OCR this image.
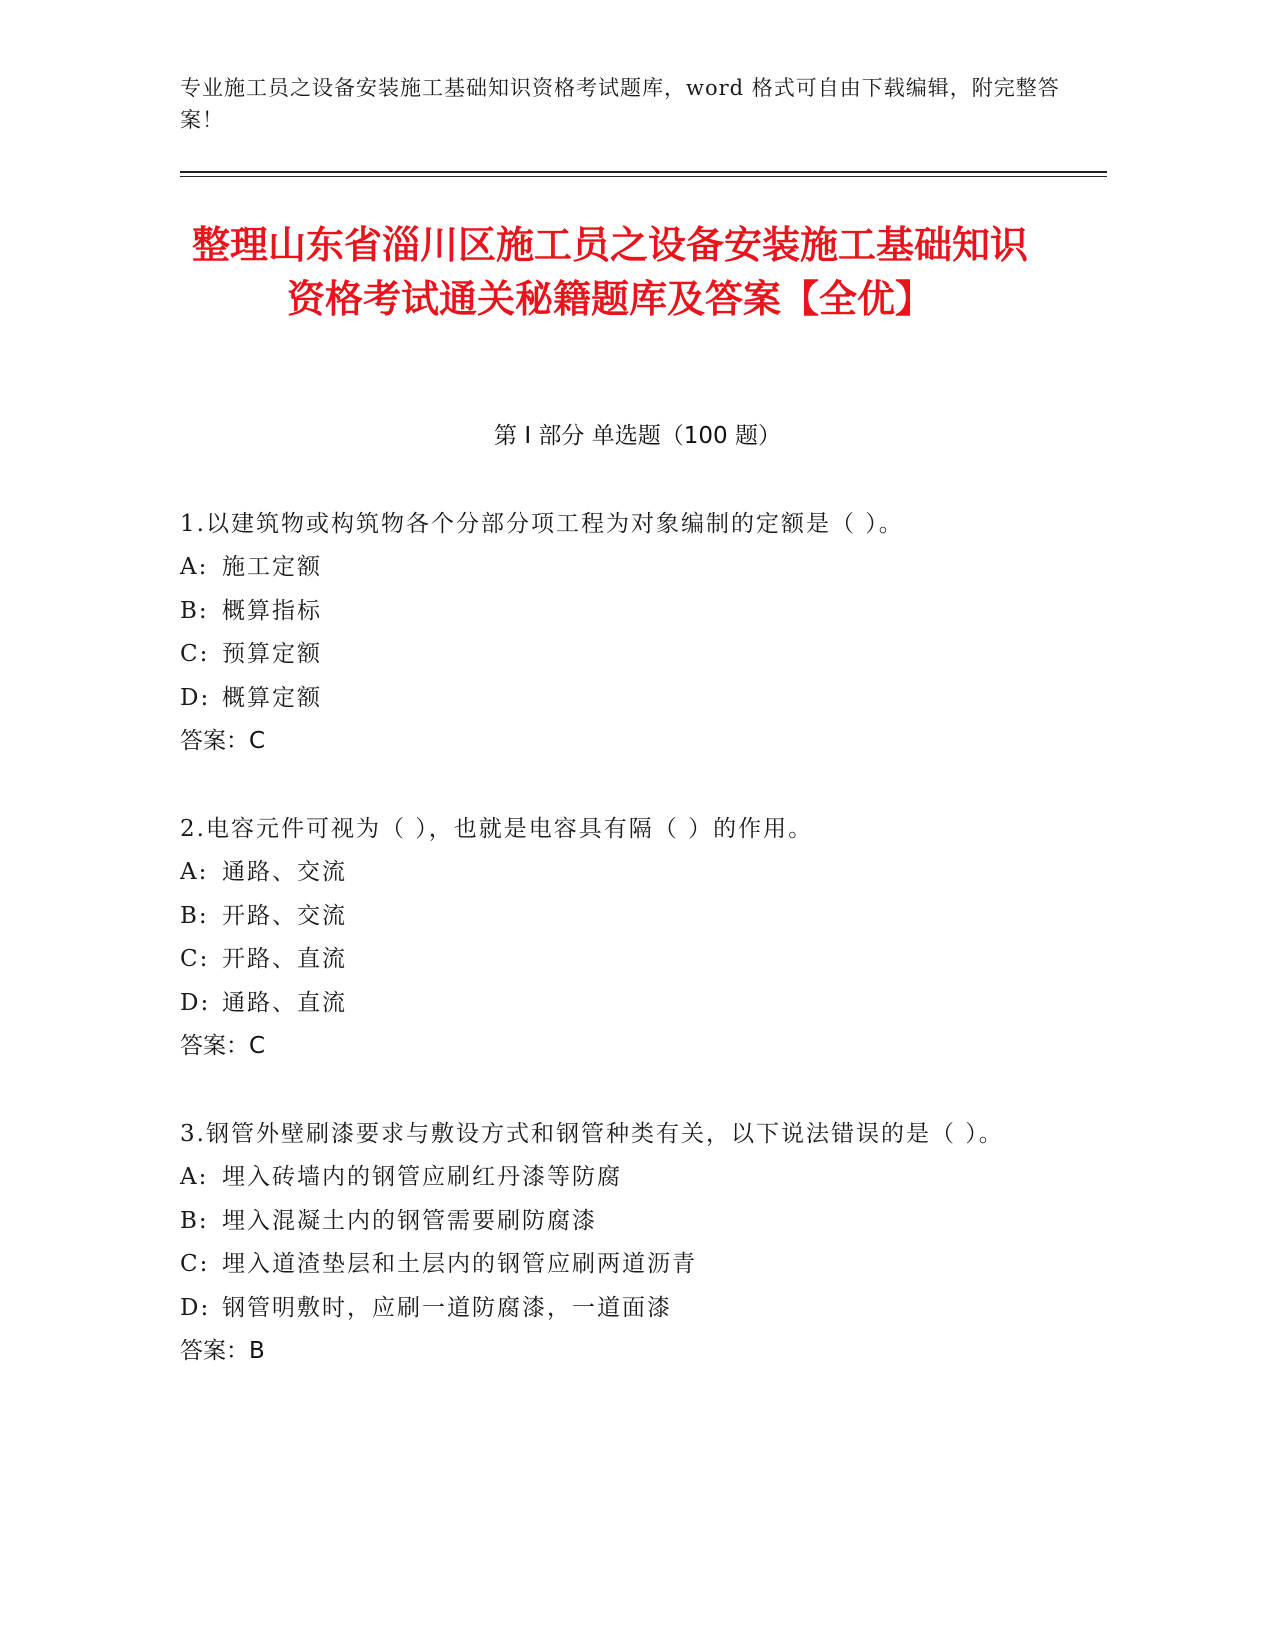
专业施工员之设备安装施工基础知识资格考试题库，word 格式可自由下载编辑，附完整答案！
整理山东省淄川区施工员之设备安装施工基础知识资格考试通关秘籍题库及答案【全优】
第 I 部分 单选题（100 题）
1.以建筑物或构筑物各个分部分项工程为对象编制的定额是（ ）。
A: 施工定额
B: 概算指标
C: 预算定额
D: 概算定额
答案：C
2.电容元件可视为（ ），也就是电容具有隔（ ）的作用。
A: 通路、交流
B: 开路、交流
C: 开路、直流
D: 通路、直流
答案：C
3.钢管外壁刷漆要求与敷设方式和钢管种类有关，以下说法错误的是（ ）。
A: 埋入砖墙内的钢管应刷红丹漆等防腐
B: 埋入混凝土内的钢管需要刷防腐漆
C: 埋入道渣垫层和土层内的钢管应刷两道沥青
D: 钢管明敷时，应刷一道防腐漆，一道面漆
答案：B
